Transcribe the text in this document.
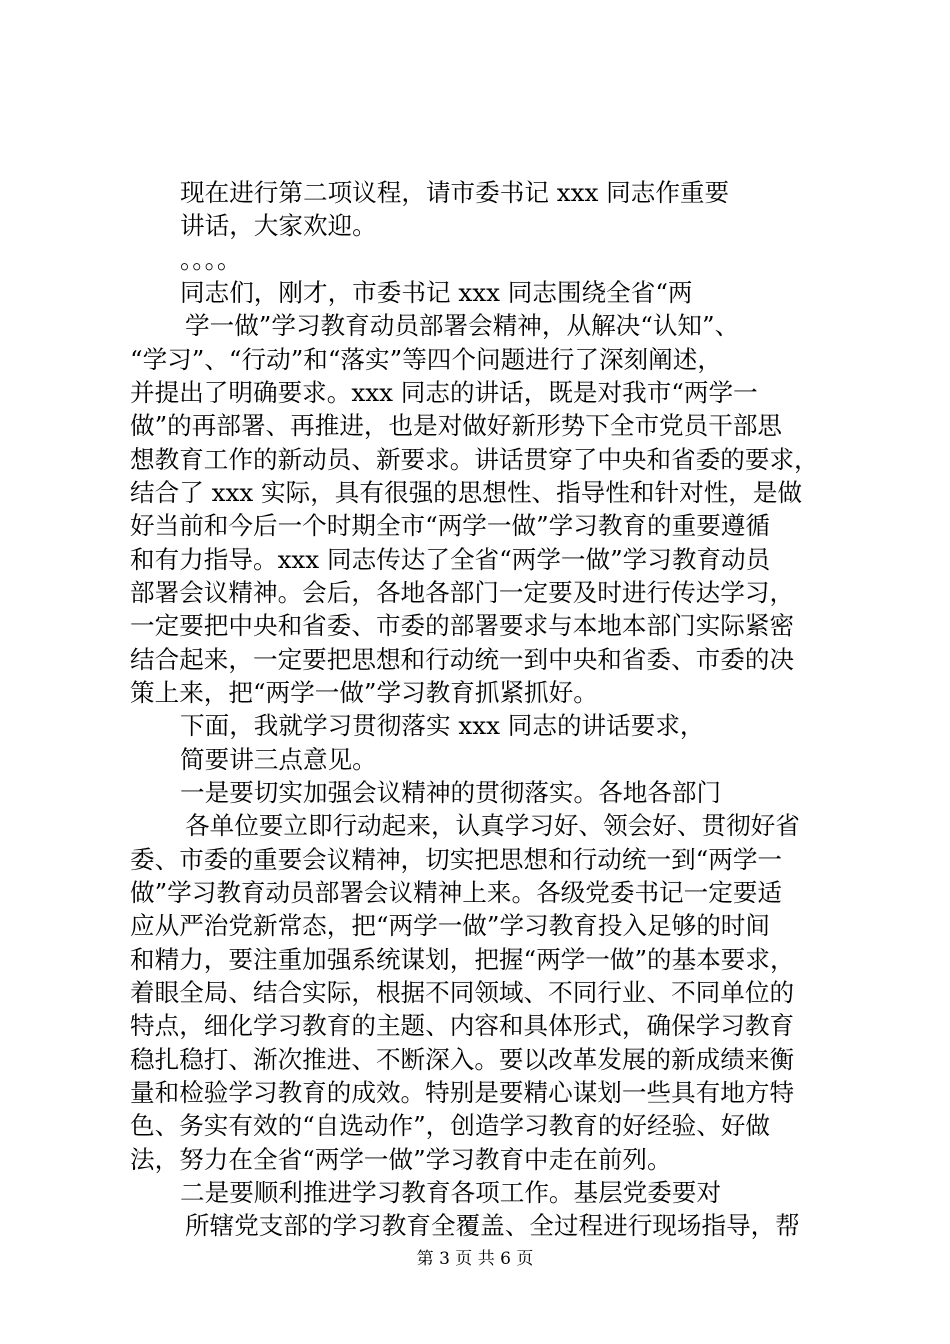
现在进行第二项议程，请市委书记 xxx 同志作重要
讲话，大家欢迎。
。。。。
同志们，刚才，市委书记 xxx 同志围绕全省“两
学一做”学习教育动员部署会精神，从解决“认知”、
“学习”、“行动”和“落实”等四个问题进行了深刻阐述，
并提出了明确要求。xxx 同志的讲话，既是对我市“两学一
做”的再部署、再推进，也是对做好新形势下全市党员干部思
想教育工作的新动员、新要求。讲话贯穿了中央和省委的要求，
结合了 xxx 实际，具有很强的思想性、指导性和针对性，是做
好当前和今后一个时期全市“两学一做”学习教育的重要遵循
和有力指导。xxx 同志传达了全省“两学一做”学习教育动员
部署会议精神。会后，各地各部门一定要及时进行传达学习，
一定要把中央和省委、市委的部署要求与本地本部门实际紧密
结合起来，一定要把思想和行动统一到中央和省委、市委的决
策上来，把“两学一做”学习教育抓紧抓好。
下面，我就学习贯彻落实 xxx 同志的讲话要求，
简要讲三点意见。
一是要切实加强会议精神的贯彻落实。各地各部门
各单位要立即行动起来，认真学习好、领会好、贯彻好省
委、市委的重要会议精神，切实把思想和行动统一到“两学一
做”学习教育动员部署会议精神上来。各级党委书记一定要适
应从严治党新常态，把“两学一做”学习教育投入足够的时间
和精力，要注重加强系统谋划，把握“两学一做”的基本要求，
着眼全局、结合实际，根据不同领域、不同行业、不同单位的
特点，细化学习教育的主题、内容和具体形式，确保学习教育
稳扎稳打、渐次推进、不断深入。要以改革发展的新成绩来衡
量和检验学习教育的成效。特别是要精心谋划一些具有地方特
色、务实有效的“自选动作”，创造学习教育的好经验、好做
法，努力在全省“两学一做”学习教育中走在前列。
二是要顺利推进学习教育各项工作。基层党委要对
所辖党支部的学习教育全覆盖、全过程进行现场指导，帮
第 3 页 共 6 页
